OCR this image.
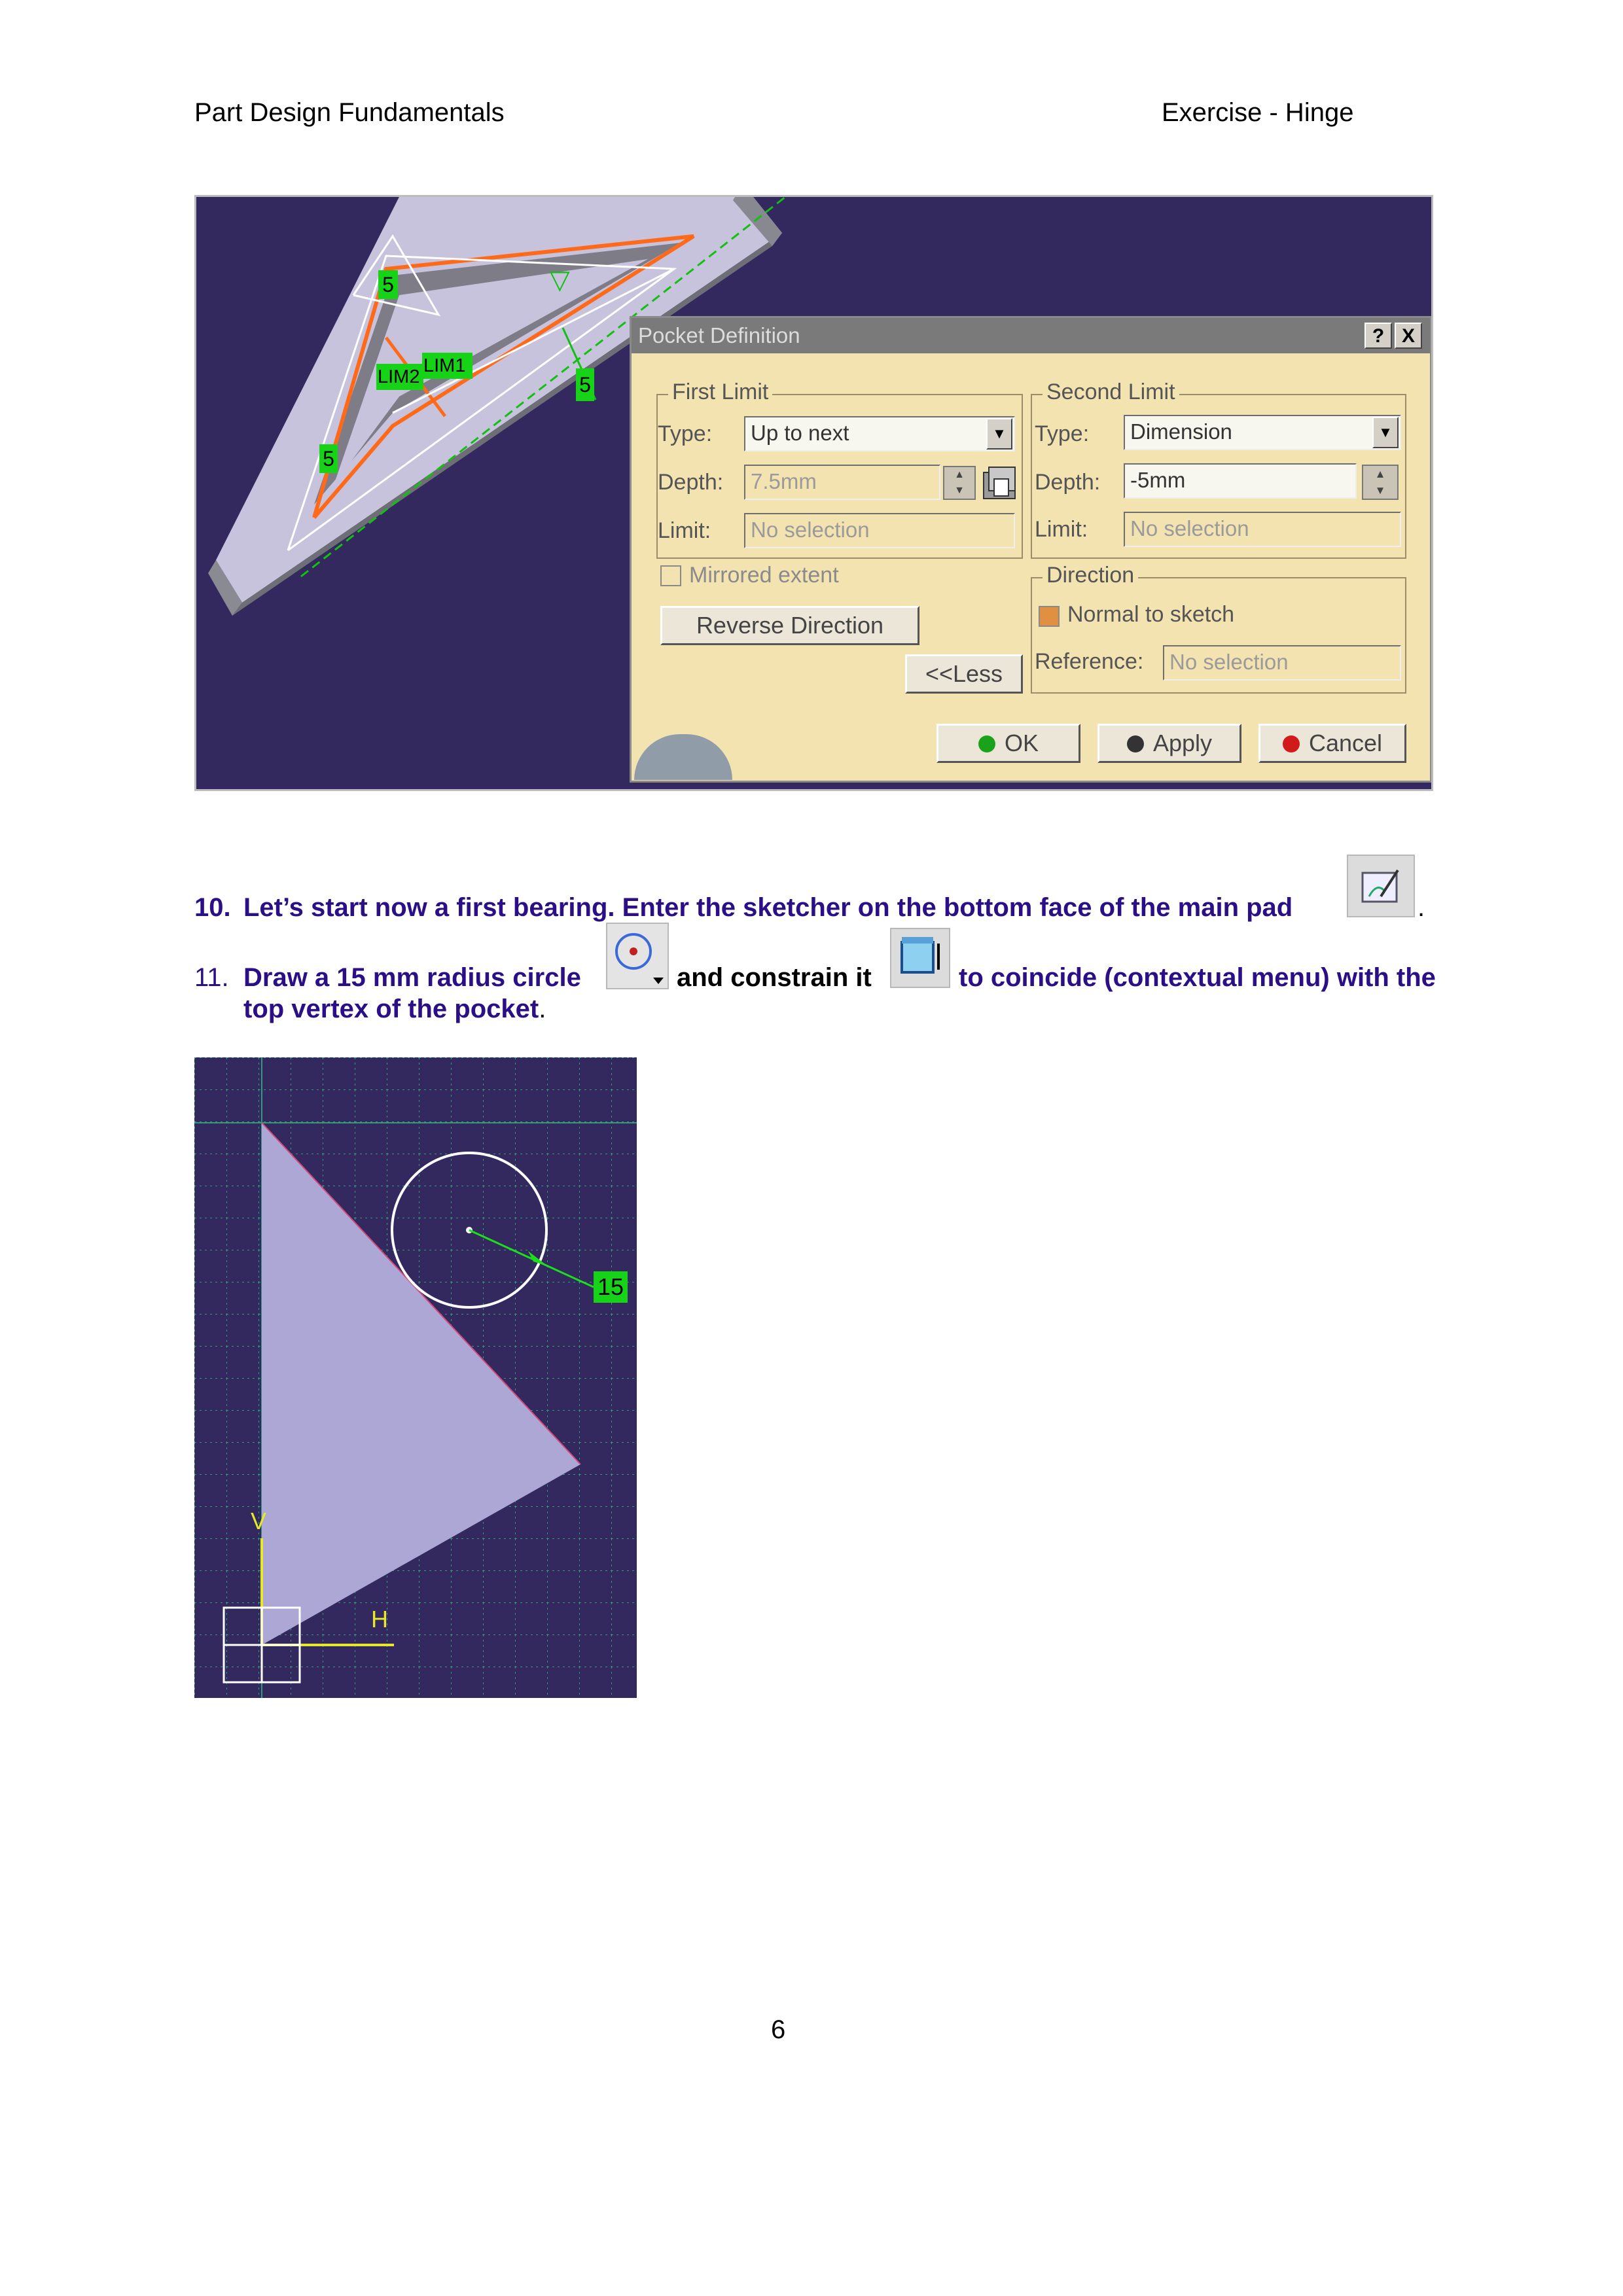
Part Design Fundamentals	Exercise - Hinge
▽
5
LIM2
LIM1
5
5
Pocket Definition	? X
First Limit
Type:	Up to next	▼
Depth:	7.5mm	▲
▼
Limit:	No selection
Second Limit
Type:	Dimension	▼
Depth:	-5mm	▲
▼
Limit:	No selection
Mirrored extent
Reverse Direction
<<Less
Direction
Normal to sketch
Reference:	No selection
OK	Apply	Cancel
10. Let’s start now a first bearing. Enter the sketcher on the bottom face of the main pad	.
11. Draw a 15 mm radius circle	and constrain it	to coincide (contextual menu) with the
top vertex of the pocket.
15
V
H
6
